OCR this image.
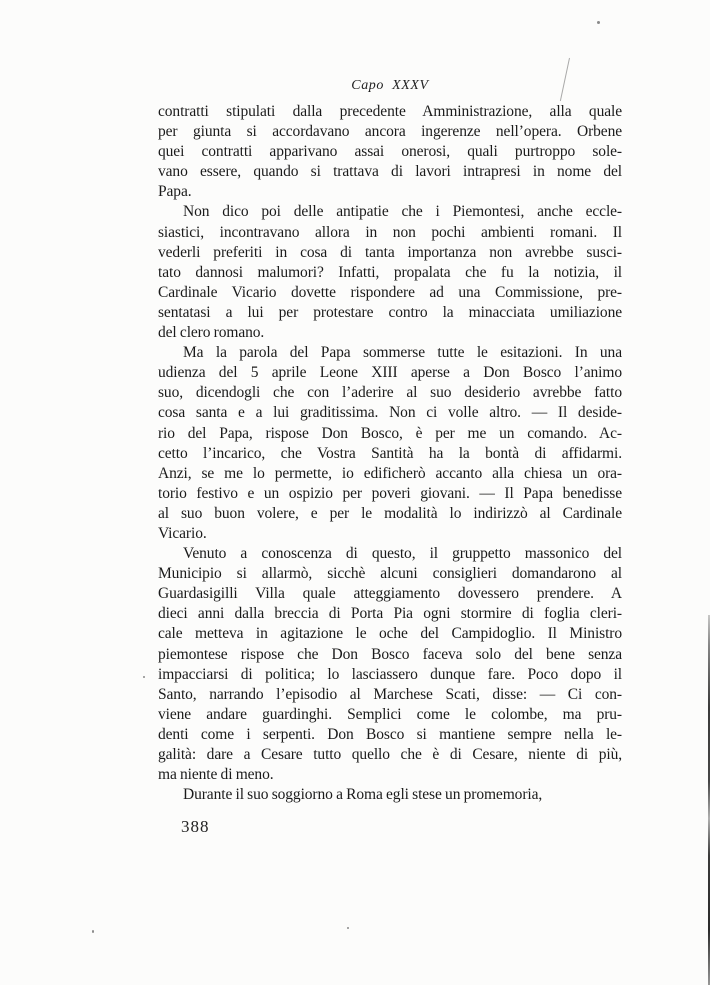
Capo XXXV
contratti stipulati dalla precedente Amministrazione, alla quale
per giunta si accordavano ancora ingerenze nell’opera. Orbene
quei contratti apparivano assai onerosi, quali purtroppo sole-
vano essere, quando si trattava di lavori intrapresi in nome del
Papa.
Non dico poi delle antipatie che i Piemontesi, anche eccle-
siastici, incontravano allora in non pochi ambienti romani. Il
vederli preferiti in cosa di tanta importanza non avrebbe susci-
tato dannosi malumori? Infatti, propalata che fu la notizia, il
Cardinale Vicario dovette rispondere ad una Commissione, pre-
sentatasi a lui per protestare contro la minacciata umiliazione
del clero romano.
Ma la parola del Papa sommerse tutte le esitazioni. In una
udienza del 5 aprile Leone XIII aperse a Don Bosco l’animo
suo, dicendogli che con l’aderire al suo desiderio avrebbe fatto
cosa santa e a lui graditissima. Non ci volle altro. — Il deside-
rio del Papa, rispose Don Bosco, è per me un comando. Ac-
cetto l’incarico, che Vostra Santità ha la bontà di affidarmi.
Anzi, se me lo permette, io edificherò accanto alla chiesa un ora-
torio festivo e un ospizio per poveri giovani. — Il Papa benedisse
al suo buon volere, e per le modalità lo indirizzò al Cardinale
Vicario.
Venuto a conoscenza di questo, il gruppetto massonico del
Municipio si allarmò, sicchè alcuni consiglieri domandarono al
Guardasigilli Villa quale atteggiamento dovessero prendere. A
dieci anni dalla breccia di Porta Pia ogni stormire di foglia cleri-
cale metteva in agitazione le oche del Campidoglio. Il Ministro
piemontese rispose che Don Bosco faceva solo del bene senza
impacciarsi di politica; lo lasciassero dunque fare. Poco dopo il
Santo, narrando l’episodio al Marchese Scati, disse: — Ci con-
viene andare guardinghi. Semplici come le colombe, ma pru-
denti come i serpenti. Don Bosco si mantiene sempre nella le-
galità: dare a Cesare tutto quello che è di Cesare, niente di più,
ma niente di meno.
Durante il suo soggiorno a Roma egli stese un promemoria,
388
